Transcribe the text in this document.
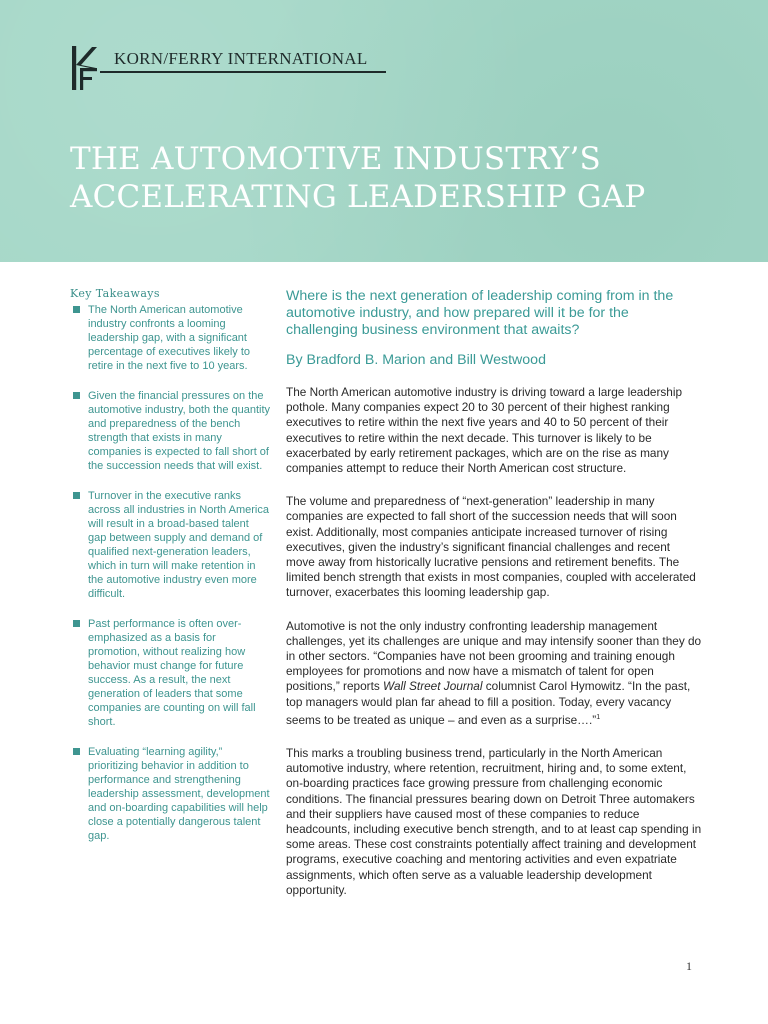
KORN/FERRY INTERNATIONAL
THE AUTOMOTIVE INDUSTRY’S
ACCELERATING LEADERSHIP GAP
Key Takeaways
The North American automotive industry confronts a looming leadership gap, with a significant percentage of executives likely to retire in the next five to 10 years.
Given the financial pressures on the automotive industry, both the quantity and preparedness of the bench strength that exists in many companies is expected to fall short of the succession needs that will exist.
Turnover in the executive ranks across all industries in North America will result in a broad-based talent gap between supply and demand of qualified next-generation leaders, which in turn will make retention in the automotive industry even more difficult.
Past performance is often over-emphasized as a basis for promotion, without realizing how behavior must change for future success. As a result, the next generation of leaders that some companies are counting on will fall short.
Evaluating “learning agility,” prioritizing behavior in addition to performance and strengthening leadership assessment, development and on-boarding capabilities will help close a potentially dangerous talent gap.

Where is the next generation of leadership coming from in the automotive industry, and how prepared will it be for the challenging business environment that awaits?

By Bradford B. Marion and Bill Westwood

The North American automotive industry is driving toward a large leadership pothole. Many companies expect 20 to 30 percent of their highest ranking executives to retire within the next five years and 40 to 50 percent of their executives to retire within the next decade. This turnover is likely to be exacerbated by early retirement packages, which are on the rise as many companies attempt to reduce their North American cost structure.

The volume and preparedness of “next-generation” leadership in many companies are expected to fall short of the succession needs that will soon exist. Additionally, most companies anticipate increased turnover of rising executives, given the industry’s significant financial challenges and recent move away from historically lucrative pensions and retirement benefits. The limited bench strength that exists in most companies, coupled with accelerated turnover, exacerbates this looming leadership gap.

Automotive is not the only industry confronting leadership management challenges, yet its challenges are unique and may intensify sooner than they do in other sectors. “Companies have not been grooming and training enough employees for promotions and now have a mismatch of talent for open positions,” reports Wall Street Journal columnist Carol Hymowitz. “In the past, top managers would plan far ahead to fill a position. Today, every vacancy seems to be treated as unique – and even as a surprise….”$^1$

This marks a troubling business trend, particularly in the North American automotive industry, where retention, recruitment, hiring and, to some extent, on-boarding practices face growing pressure from challenging economic conditions. The financial pressures bearing down on Detroit Three automakers and their suppliers have caused most of these companies to reduce headcounts, including executive bench strength, and to at least cap spending in some areas. These cost constraints potentially affect training and development programs, executive coaching and mentoring activities and even expatriate assignments, which often serve as a valuable leadership development opportunity.

1
